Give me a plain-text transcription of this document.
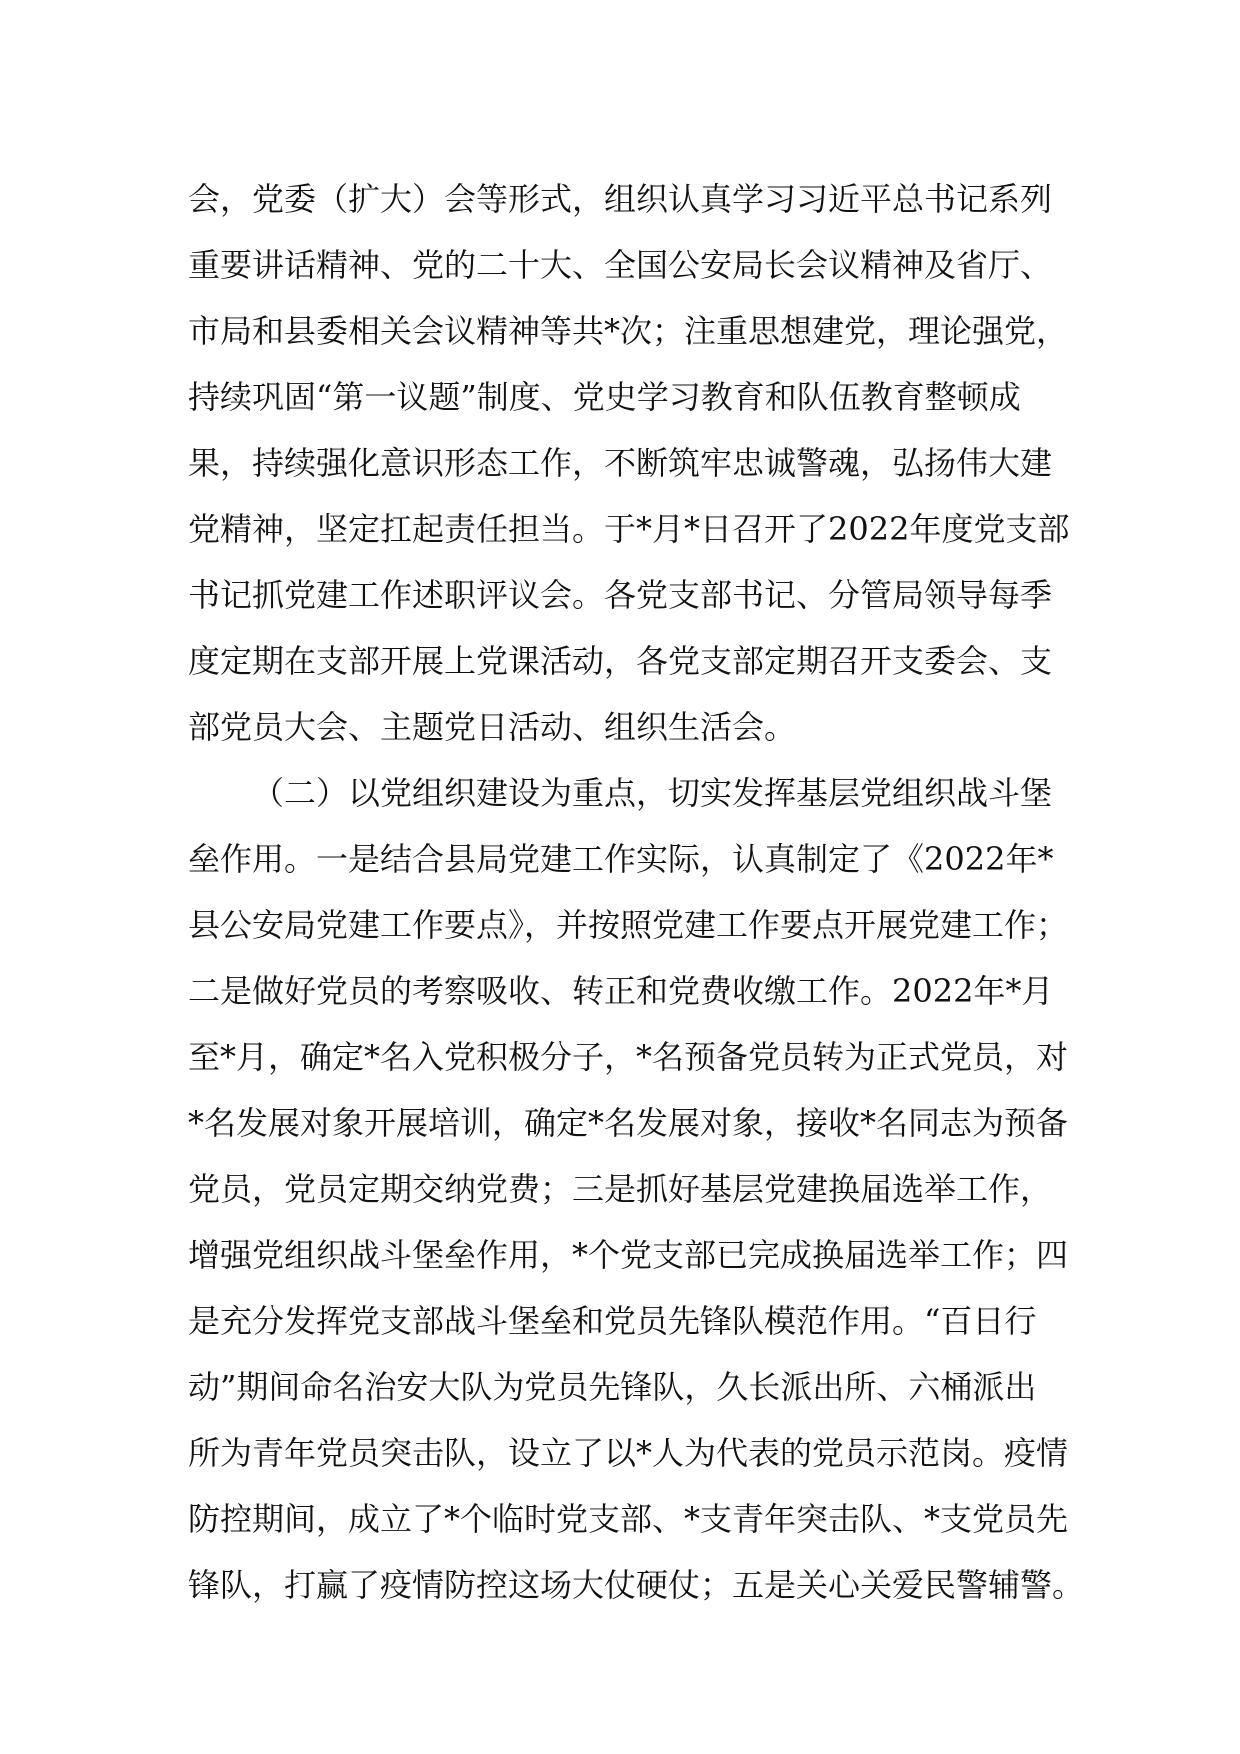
会，党委（扩大）会等形式，组织认真学习习近平总书记系列
重要讲话精神、党的二十大、全国公安局长会议精神及省厅、
市局和县委相关会议精神等共*次；注重思想建党，理论强党，
持续巩固“第一议题”制度、党史学习教育和队伍教育整顿成
果，持续强化意识形态工作，不断筑牢忠诚警魂，弘扬伟大建
党精神，坚定扛起责任担当。于*月*日召开了2022年度党支部
书记抓党建工作述职评议会。各党支部书记、分管局领导每季
度定期在支部开展上党课活动，各党支部定期召开支委会、支
部党员大会、主题党日活动、组织生活会。
（二）以党组织建设为重点，切实发挥基层党组织战斗堡
垒作用。一是结合县局党建工作实际，认真制定了《2022年*
县公安局党建工作要点》，并按照党建工作要点开展党建工作；
二是做好党员的考察吸收、转正和党费收缴工作。2022年*月
至*月，确定*名入党积极分子，*名预备党员转为正式党员，对
*名发展对象开展培训，确定*名发展对象，接收*名同志为预备
党员，党员定期交纳党费；三是抓好基层党建换届选举工作，
增强党组织战斗堡垒作用，*个党支部已完成换届选举工作；四
是充分发挥党支部战斗堡垒和党员先锋队模范作用。“百日行
动”期间命名治安大队为党员先锋队，久长派出所、六桶派出
所为青年党员突击队，设立了以*人为代表的党员示范岗。疫情
防控期间，成立了*个临时党支部、*支青年突击队、*支党员先
锋队，打赢了疫情防控这场大仗硬仗；五是关心关爱民警辅警。
